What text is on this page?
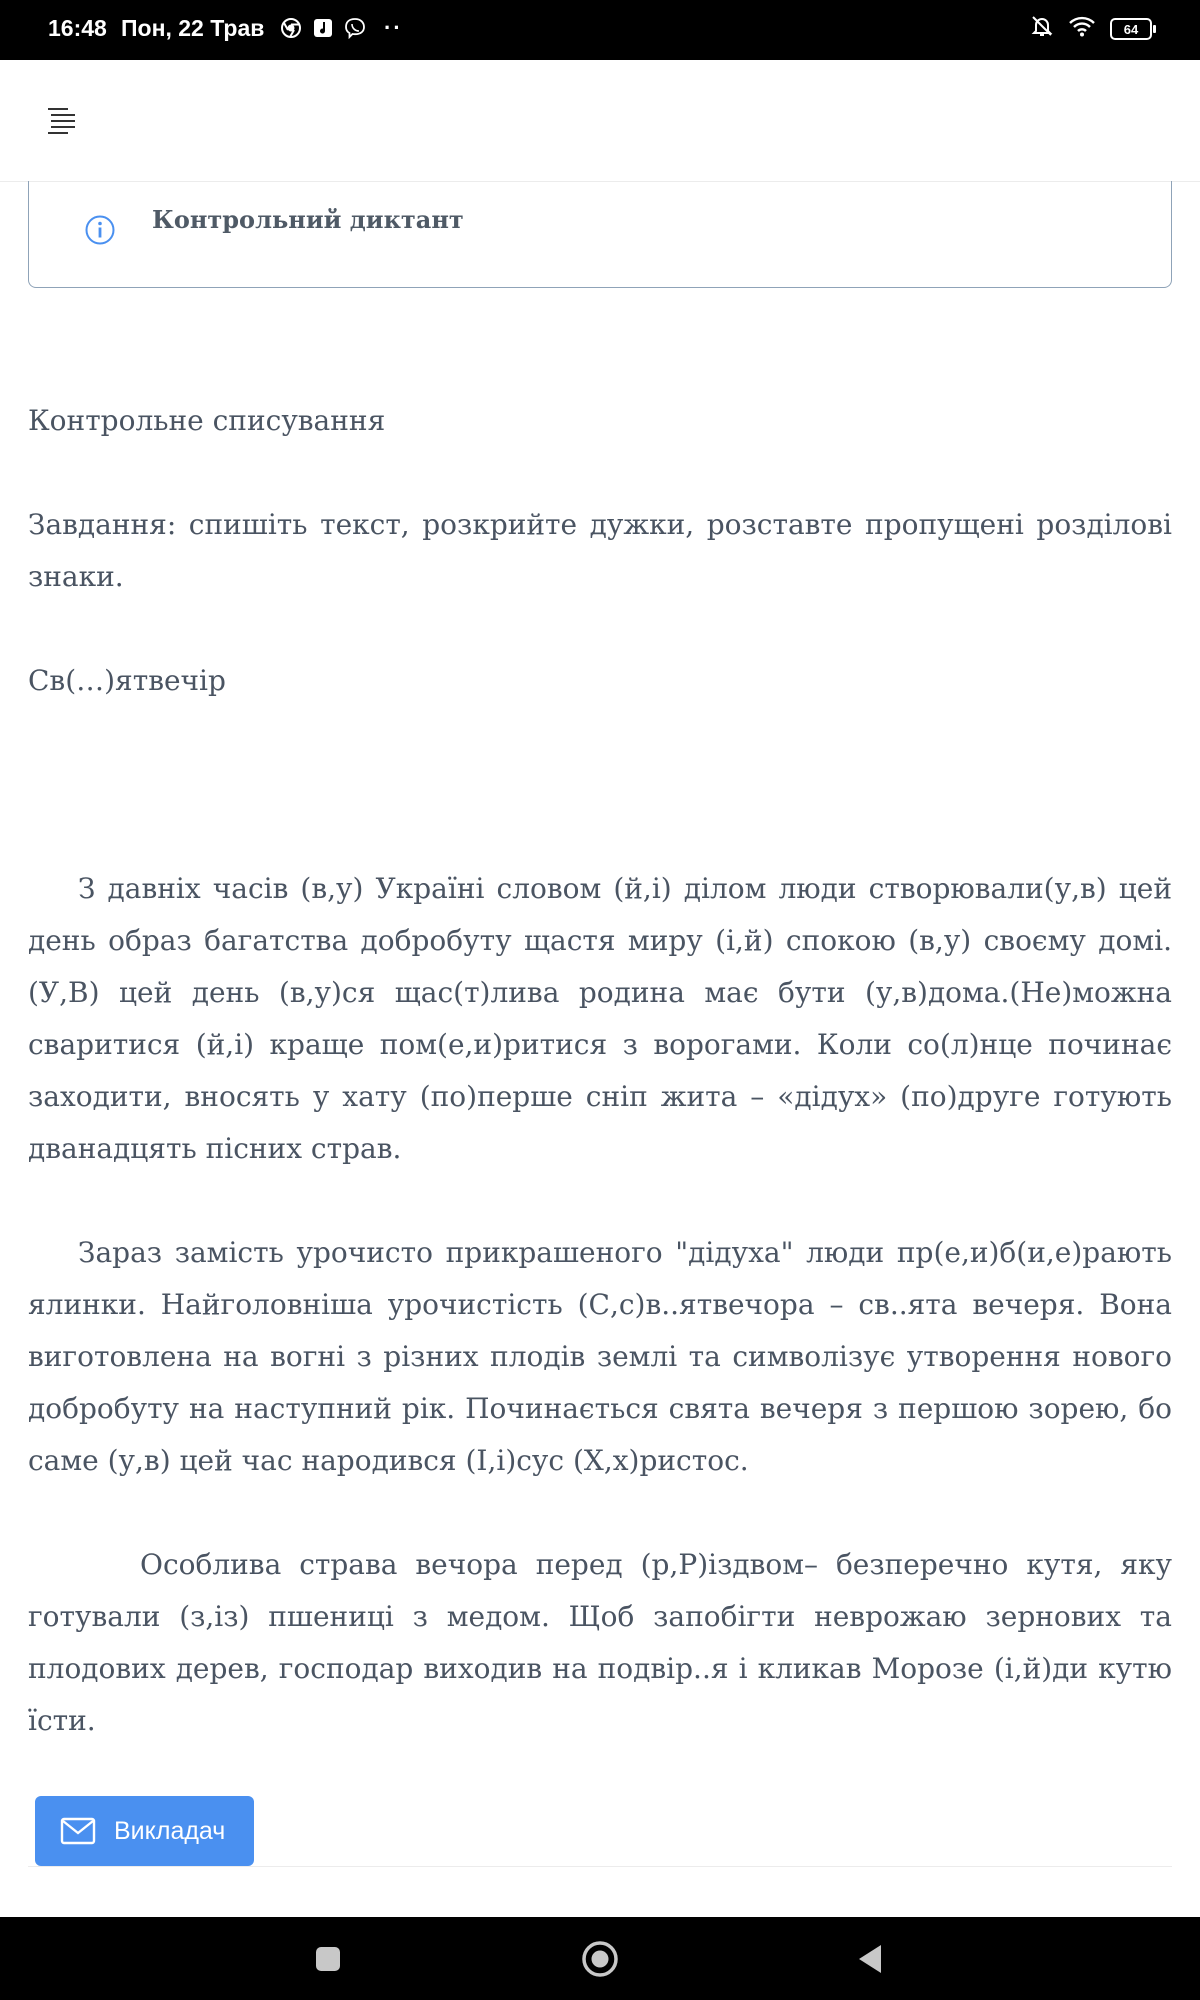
16:48 Пон, 22 Трав	··	64
Контрольний диктант

Контрольне списування

Завдання: спишіть текст, розкрийте дужки, розставте пропущені розділові знаки.

Св(…)ятвечір

З давніх часів (в,у) Україні словом (й,і) ділом люди створювали(у,в) цей день образ багатства добробуту щастя миру (і,й) спокою (в,у) своєму домі. (У,В) цей день (в,у)ся щас(т)лива родина має бути (у,в)дома.(Не)можна сваритися (й,і) краще пом(е,и)ритися з ворогами. Коли со(л)нце починає заходити, вносять у хату (по)перше сніп жита – «дідух» (по)друге готують дванадцять пісних страв.

Зараз замість урочисто прикрашеного "дідуха" люди пр(е,и)б(и,е)рають ялинки. Найголовніша урочистість (С,с)в..ятвечора – св..ята вечеря. Вона виготовлена на вогні з різних плодів землі та символізує утворення нового добробуту на наступний рік. Починається свята вечеря з першою зорею, бо саме (у,в) цей час народився (І,і)сус (Х,х)ристос.

Особлива страва вечора перед (р,Р)іздвом– безперечно кутя, яку готували (з,із) пшениці з медом. Щоб запобігти неврожаю зернових та плодових дерев, господар виходив на подвір..я і кликав Морозе (і,й)ди кутю їсти.

Викладач
